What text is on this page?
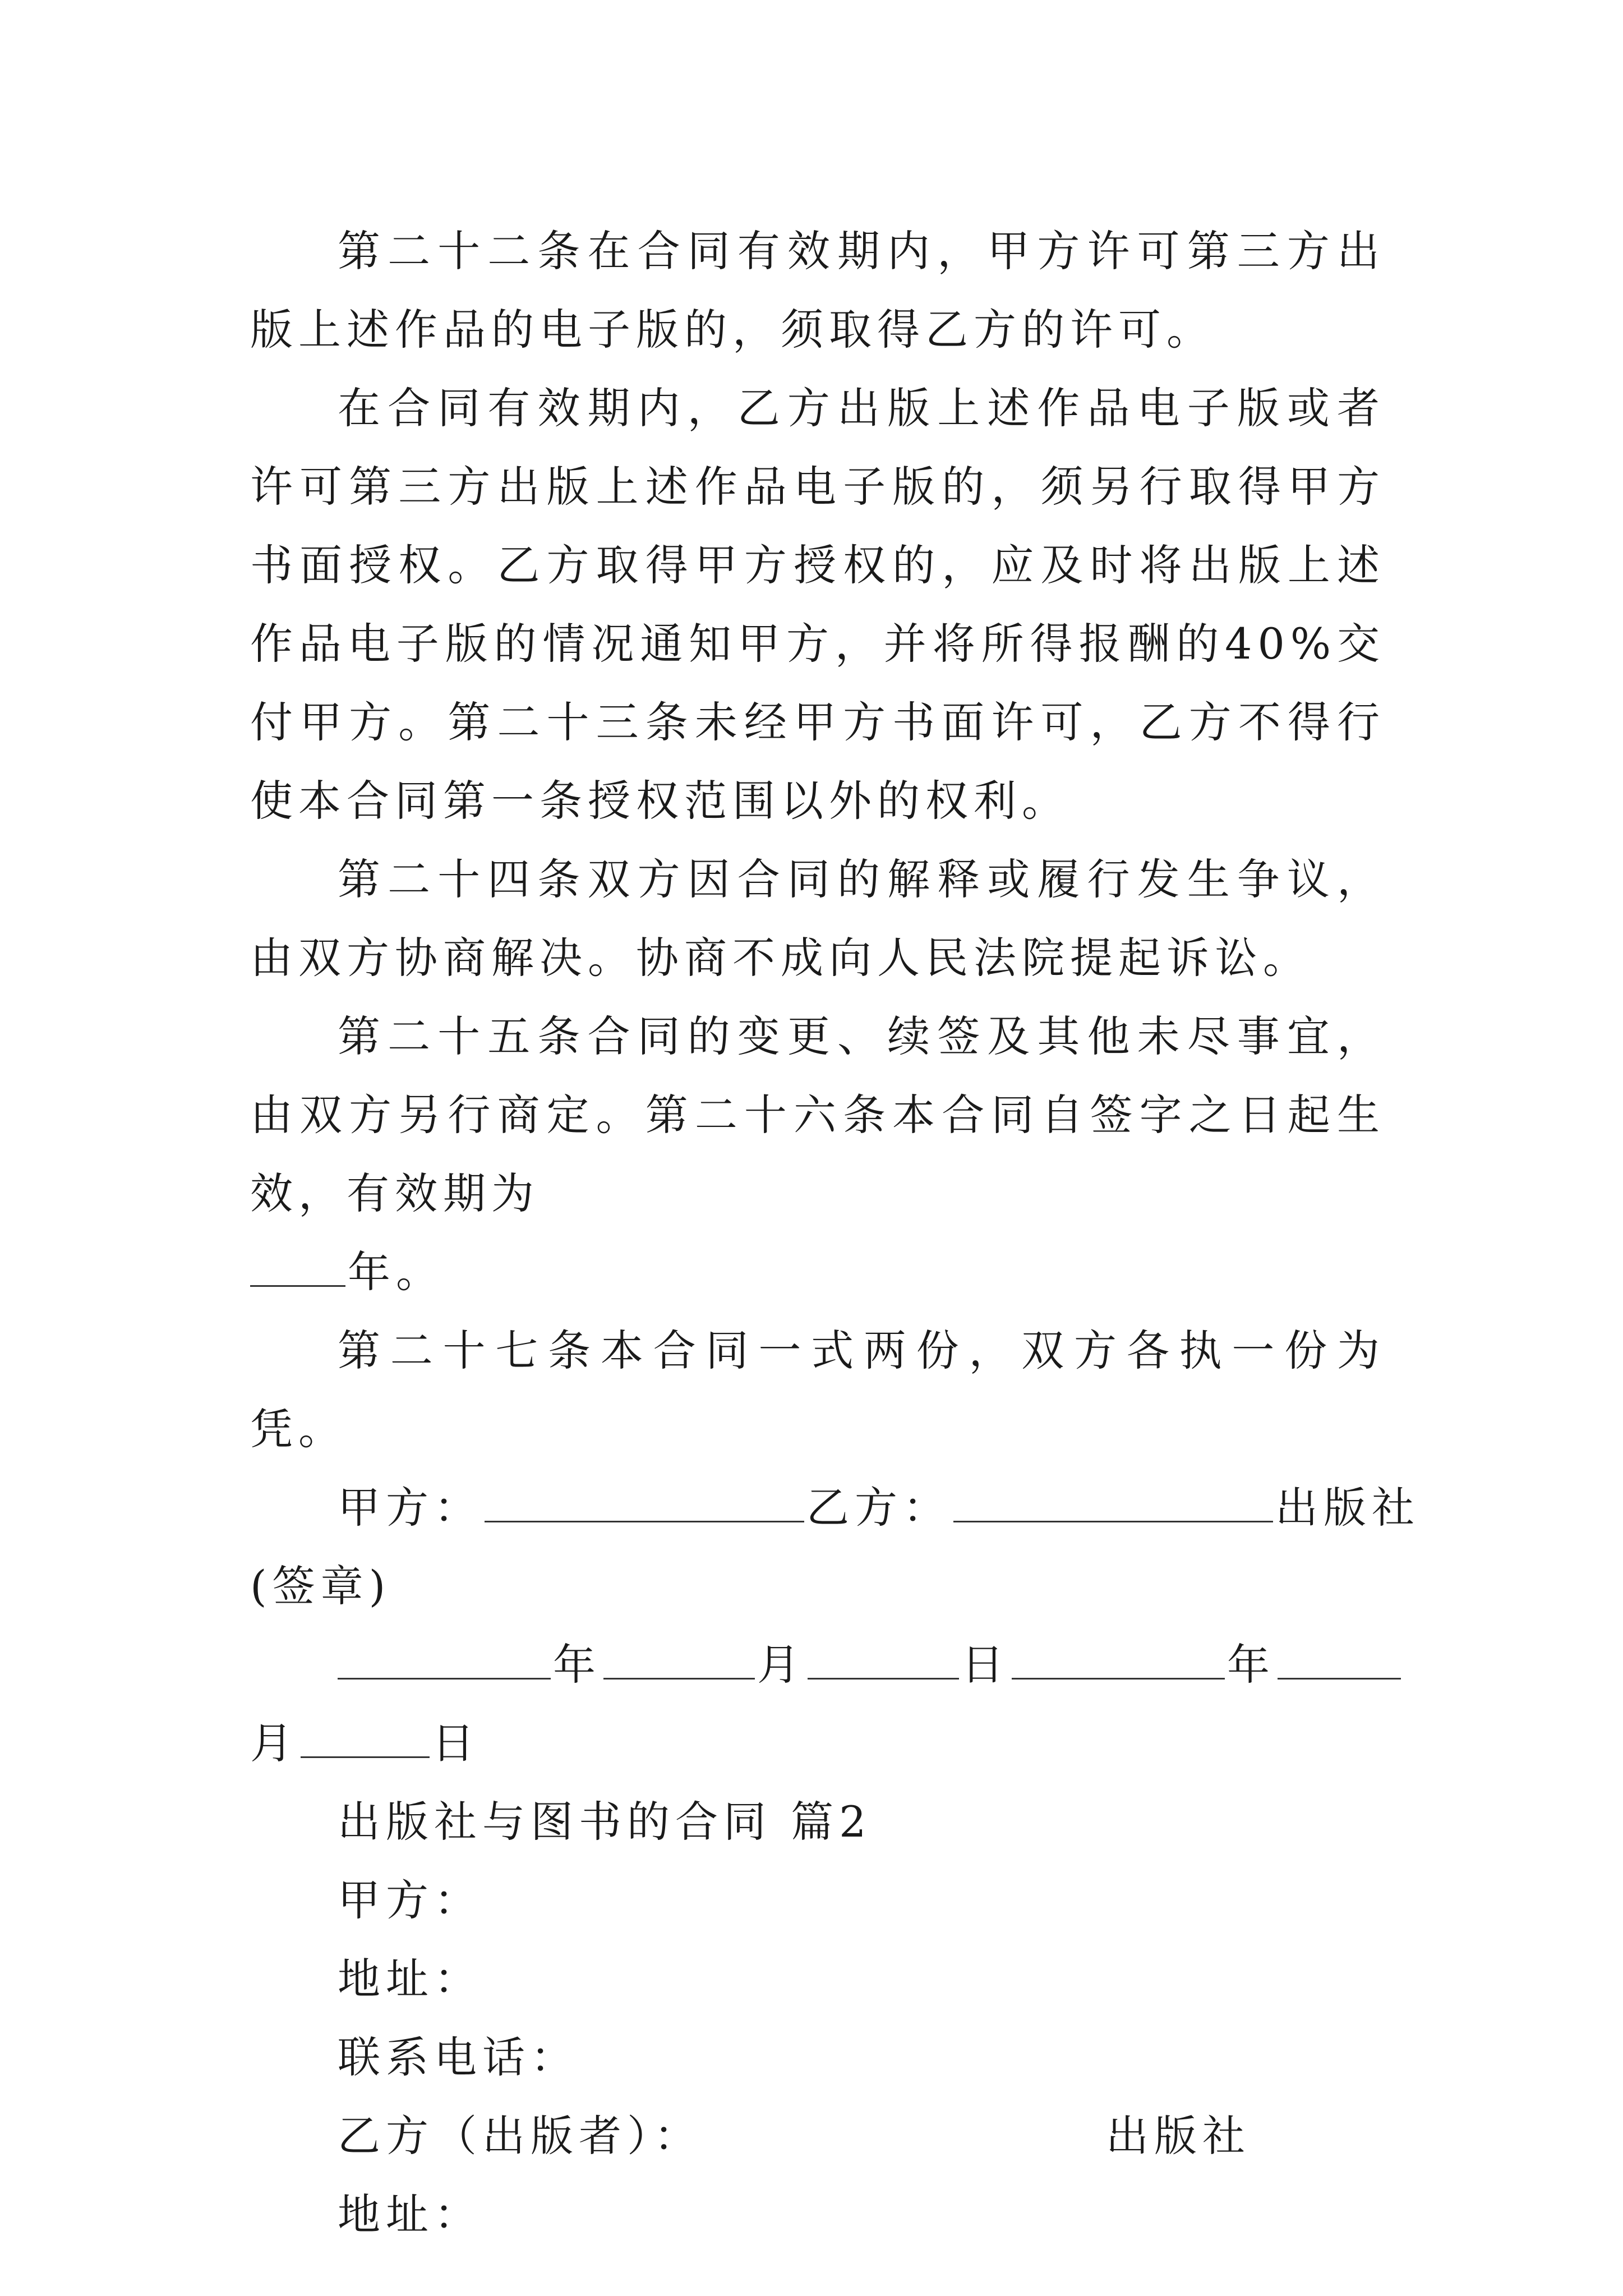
第二十二条在合同有效期内，甲方许可第三方出版上述作品的电子版的，须取得乙方的许可。

在合同有效期内，乙方出版上述作品电子版或者许可第三方出版上述作品电子版的，须另行取得甲方书面授权。乙方取得甲方授权的，应及时将出版上述作品电子版的情况通知甲方，并将所得报酬的40%交付甲方。第二十三条未经甲方书面许可，乙方不得行使本合同第一条授权范围以外的权利。

第二十四条双方因合同的解释或履行发生争议，由双方协商解决。协商不成向人民法院提起诉讼。

第二十五条合同的变更、续签及其他未尽事宜，由双方另行商定。第二十六条本合同自签字之日起生效，有效期为
年。

第二十七条本合同一式两份，双方各执一份为凭。

甲方：	乙方：	出版社

(签章)

年	月	日	年

月	日

出版社与图书的合同 篇2

甲方：

地址：

联系电话：

乙方（出版者）：	出版社

地址：
